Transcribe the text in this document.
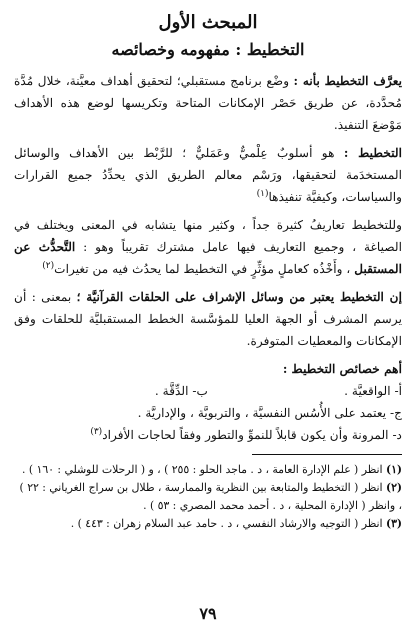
المبحث الأول
التخطيط : مفهومه وخصائصه

يعرَّف التخطيط بأنه : وضْع برنامج مستقبلي؛ لتحقيق أهداف معيَّنة، خلال مُدَّة مُحدَّدة، عن طريق حَصْر الإمكانات المتاحة وتكريسها لوضع هذه الأهداف مَوْضعَ التنفيذ.

التخطيط : هو أسلوبٌ عِلْميٌّ وعَمَليٌّ ؛ للرَّبْط بين الأهداف والوسائل المستخدَمة لتحقيقها، ورَسْم معالم الطريق الذي يحدِّدُ جميع القرارات والسياسات، وكيفيَّة تنفيذها$^{(١)}$

وللتخطيط تعاريفُ كثيرة جداً ، وكثير منها يتشابه في المعنى ويختلف في الصياغة ، وجميع التعاريف فيها عامل مشترك تقريباً وهو : التَّحدُّث عن المستقبل ، وأَخْذُه كعاملٍ مؤثِّرٍ في التخطيط لما يحدُث فيه من تغيرات$^{(٢)}$

إن التخطيط يعتبر من وسائل الإشراف على الحلقات القرآنيَّة ؛ بمعنى : أن يرسم المشرف أو الجهة العليا للمؤسَّسة الخطط المستقبليَّة للحلقات وفق الإمكانات والمعطيات المتوفرة.

أهم خصائص التخطيط :
أ- الواقعيَّة .
ب- الدِّقَّة .
ج- يعتمد على الأُسُس النفسيَّة ، والتربويَّة ، والإداريَّة .
د- المرونة وأن يكون قابلاً للنموِّ والتطور وفقاً لحاجات الأفراد$^{(٣)}$

(١) انظر ( علم الإدارة العامة ، د . ماجد الحلو : ٢٥٥ ) ، و ( الرحلات للوشلي : ١٦٠ ) .

(٢) انظر ( التخطيط والمتابعة بين النظرية والممارسة ، طلال بن سراج الغرياني : ٢٢ ) ، وانظر ( الإدارة المحلية ، د . أحمد محمد المصري : ٥٣ ) .

(٣) انظر ( التوجيه والارشاد النفسي ، د . حامد عبد السلام زهران : ٤٤٣ ) .

٧٩
